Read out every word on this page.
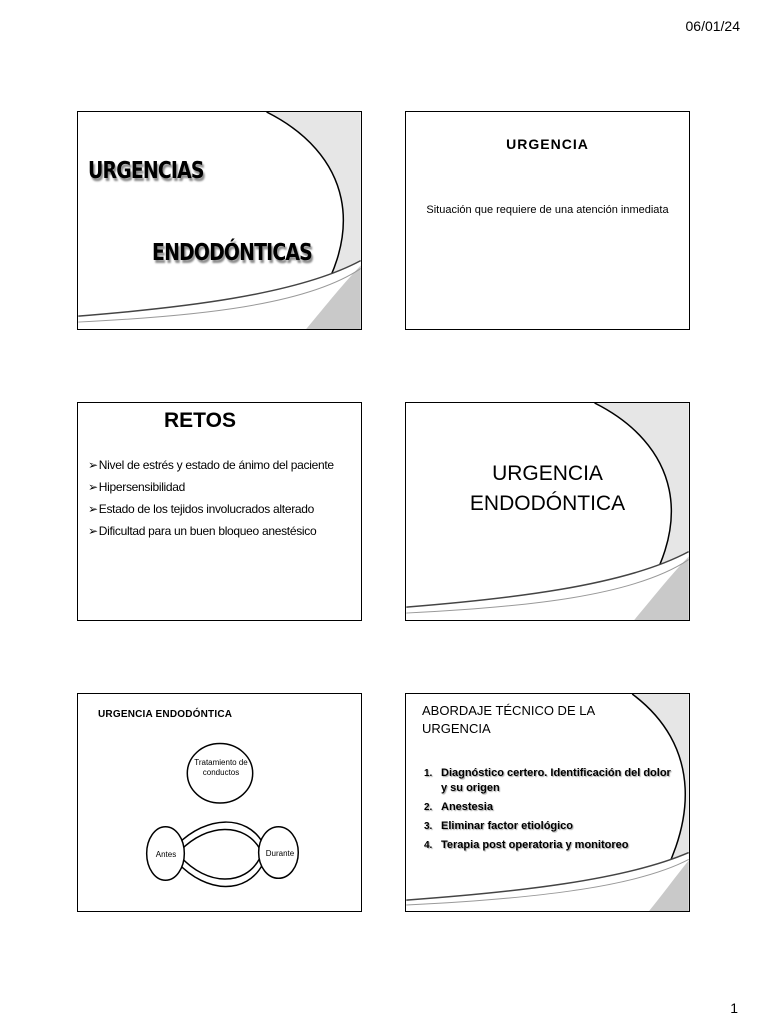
06/01/24
URGENCIAS
ENDODÓNTICAS
URGENCIA
Situación que requiere de una atención inmediata
RETOS
➢Nivel de estrés y estado de ánimo del paciente
➢Hipersensibilidad
➢Estado de los tejidos involucrados alterado
➢Dificultad para un buen bloqueo anestésico
URGENCIA
ENDODÓNTICA
URGENCIA ENDODÓNTICA
Tratamiento de conductos
Antes	Durante
ABORDAJE TÉCNICO DE LA URGENCIA
1. Diagnóstico certero. Identificación del dolor y su origen
2. Anestesia
3. Eliminar factor etiológico
4. Terapia post operatoria y monitoreo
1
